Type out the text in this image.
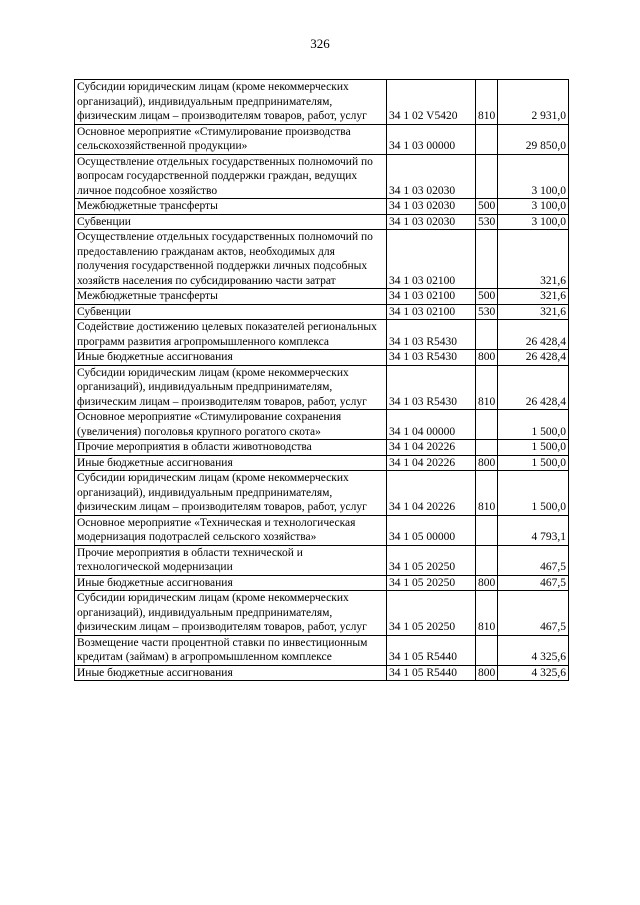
326
Субсидии юридическим лицам (кроме некоммерческих организаций), индивидуальным предпринимателям, физическим лицам – производителям товаров, работ, услуг	34 1 02 V5420	810	2 931,0
Основное мероприятие «Стимулирование производства сельскохозяйственной продукции»	34 1 03 00000		29 850,0
Осуществление отдельных государственных полномочий по вопросам государственной поддержки граждан, ведущих личное подсобное хозяйство	34 1 03 02030		3 100,0
Межбюджетные трансферты	34 1 03 02030	500	3 100,0
Субвенции	34 1 03 02030	530	3 100,0
Осуществление отдельных государственных полномочий по предоставлению гражданам актов, необходимых для получения государственной поддержки личных подсобных хозяйств населения по субсидированию части затрат	34 1 03 02100		321,6
Межбюджетные трансферты	34 1 03 02100	500	321,6
Субвенции	34 1 03 02100	530	321,6
Содействие достижению целевых показателей региональных программ развития агропромышленного комплекса	34 1 03 R5430		26 428,4
Иные бюджетные ассигнования	34 1 03 R5430	800	26 428,4
Субсидии юридическим лицам (кроме некоммерческих организаций), индивидуальным предпринимателям, физическим лицам – производителям товаров, работ, услуг	34 1 03 R5430	810	26 428,4
Основное мероприятие «Стимулирование сохранения (увеличения) поголовья крупного рогатого скота»	34 1 04 00000		1 500,0
Прочие мероприятия в области животноводства	34 1 04 20226		1 500,0
Иные бюджетные ассигнования	34 1 04 20226	800	1 500,0
Субсидии юридическим лицам (кроме некоммерческих организаций), индивидуальным предпринимателям, физическим лицам – производителям товаров, работ, услуг	34 1 04 20226	810	1 500,0
Основное мероприятие «Техническая и технологическая модернизация подотраслей сельского хозяйства»	34 1 05 00000		4 793,1
Прочие мероприятия в области технической и технологической модернизации	34 1 05 20250		467,5
Иные бюджетные ассигнования	34 1 05 20250	800	467,5
Субсидии юридическим лицам (кроме некоммерческих организаций), индивидуальным предпринимателям, физическим лицам – производителям товаров, работ, услуг	34 1 05 20250	810	467,5
Возмещение части процентной ставки по инвестиционным кредитам (займам) в агропромышленном комплексе	34 1 05 R5440		4 325,6
Иные бюджетные ассигнования	34 1 05 R5440	800	4 325,6
